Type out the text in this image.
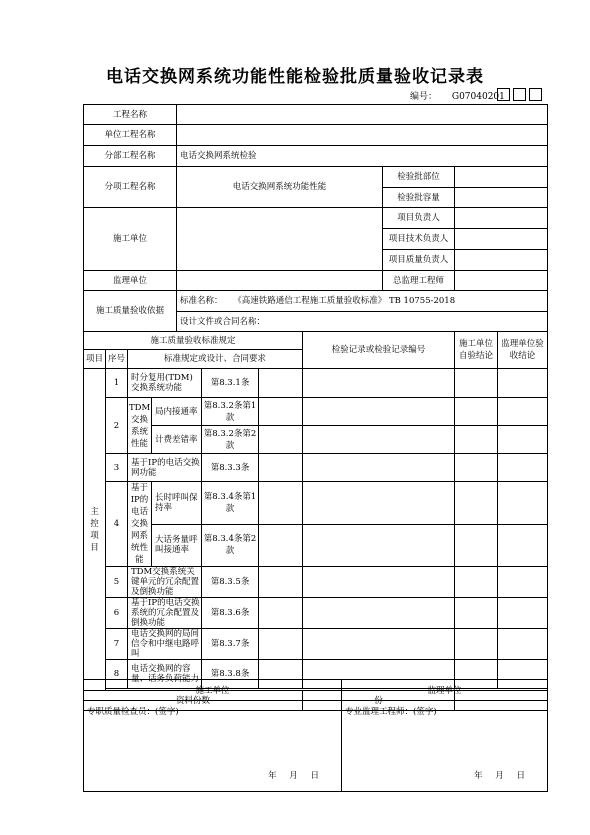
电话交换网系统功能性能检验批质量验收记录表
编号： G07040201
工程名称										
单位工程名称										
分部工程名称				电话交换网系统检验						
分项工程名称				电话交换网系统功能性能				检验批部位		
								检验批容量		
施工单位								项目负责人		
								项目技术负责人		
								项目质量负责人		
监理单位								总监理工程师		
施工质量验收依据				标准名称： 《高速铁路通信工程施工质量验收标准》 TB 10755-2018						
				设计文件或合同名称：						
施工质量验收标准规定							检验记录或检验记录编号		施工单位自验结论	监理单位验收结论
项目	序号	标准规定或设计、合同要求								

主控项目	1	时分复用(TDM)交换系统功能			第8.3.1条					
	2	TDM交换系统性能	局内接通率		第8.3.2条第1款					
			计费差错率		第8.3.2条第2款					
	3	基于IP的电话交换网功能			第8.3.3条					
	4	基于IP的电话交换网系统性能	长时呼叫保持率		第8.3.4条第1款					
			大话务量呼叫接通率		第8.3.4条第2款					
	5	TDM交换系统关键单元的冗余配置及倒换功能			第8.3.5条					
	6	基于IP的电话交换系统的冗余配置及倒换功能			第8.3.6条					
	7	电话交换网的局间信令和中继电路呼叫			第8.3.7条					
	8	电话交换网的容量、话务负荷能力			第8.3.8条					

资料份数							份			
施工单位	监理单位

专职质量检查员：(签字)
年 月 日	专业监理工程师：(签字)
年 月 日
